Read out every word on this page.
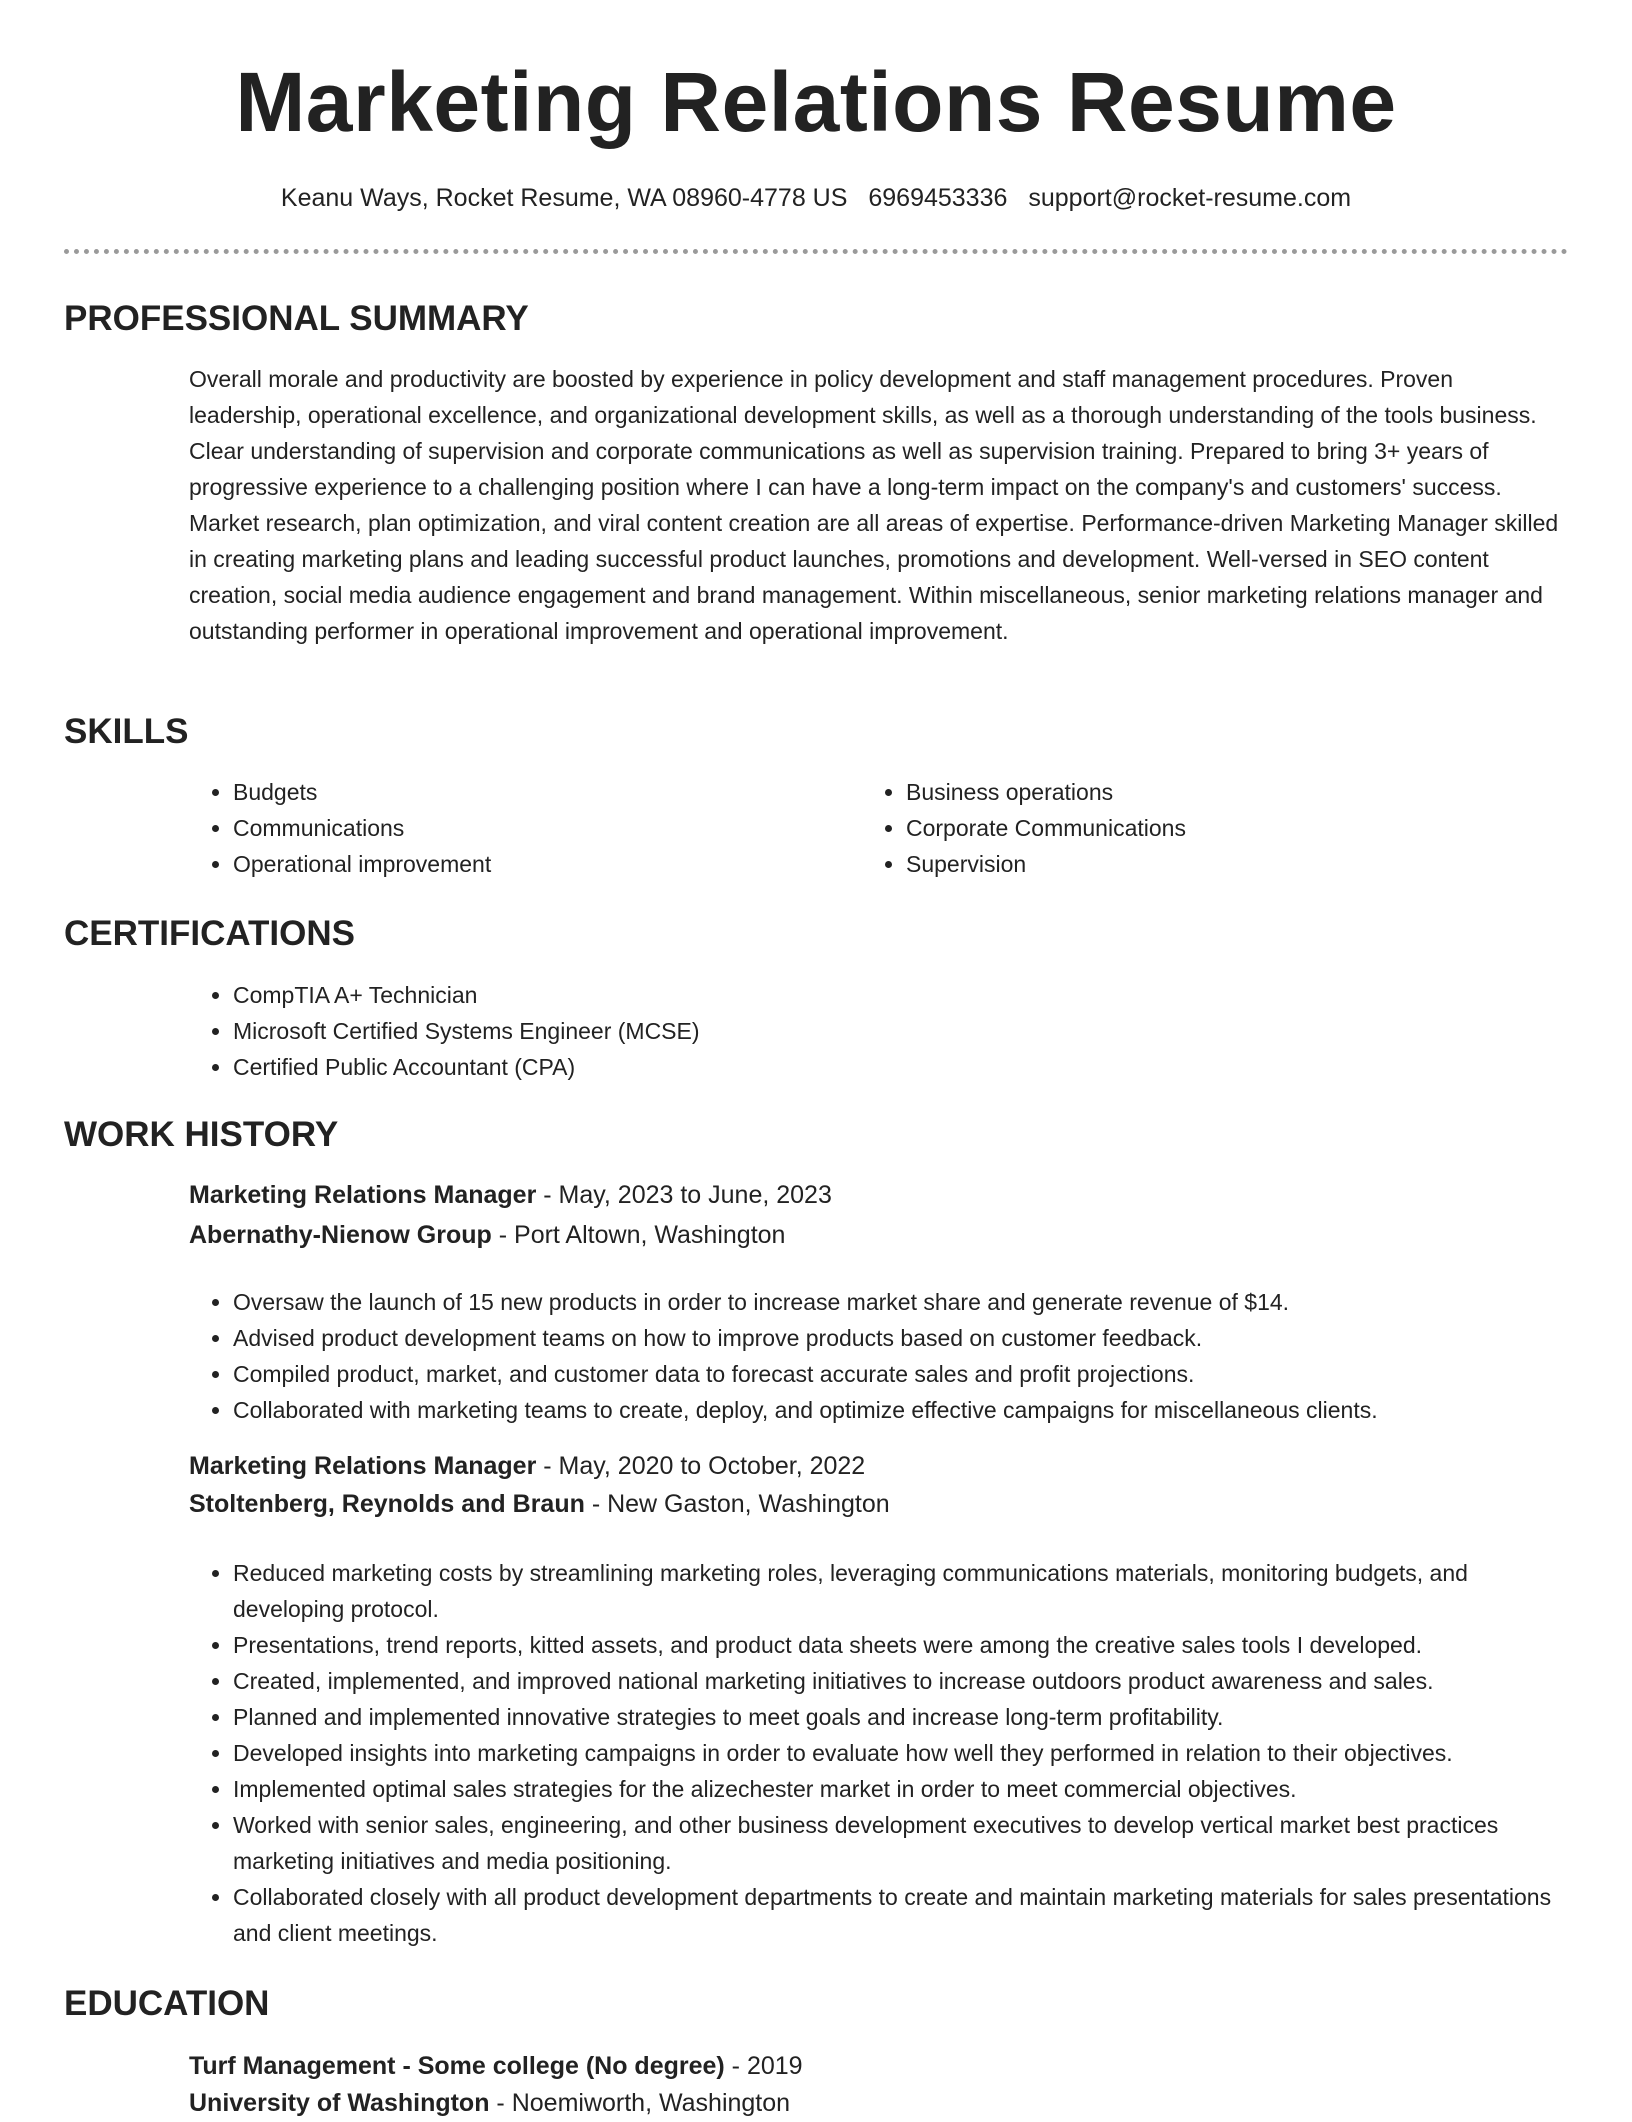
Marketing Relations Resume
Keanu Ways, Rocket Resume, WA 08960-4778 US 6969453336 support@rocket-resume.com
PROFESSIONAL SUMMARY
Overall morale and productivity are boosted by experience in policy development and staff management procedures. Proven leadership, operational excellence, and organizational development skills, as well as a thorough understanding of the tools business. Clear understanding of supervision and corporate communications as well as supervision training. Prepared to bring 3+ years of progressive experience to a challenging position where I can have a long-term impact on the company's and customers' success. Market research, plan optimization, and viral content creation are all areas of expertise. Performance-driven Marketing Manager skilled in creating marketing plans and leading successful product launches, promotions and development. Well-versed in SEO content creation, social media audience engagement and brand management. Within miscellaneous, senior marketing relations manager and outstanding performer in operational improvement and operational improvement.
SKILLS
• Budgets
• Communications
• Operational improvement
• Business operations
• Corporate Communications
• Supervision
CERTIFICATIONS
• CompTIA A+ Technician
• Microsoft Certified Systems Engineer (MCSE)
• Certified Public Accountant (CPA)
WORK HISTORY
Marketing Relations Manager - May, 2023 to June, 2023
Abernathy-Nienow Group - Port Altown, Washington
• Oversaw the launch of 15 new products in order to increase market share and generate revenue of $14.
• Advised product development teams on how to improve products based on customer feedback.
• Compiled product, market, and customer data to forecast accurate sales and profit projections.
• Collaborated with marketing teams to create, deploy, and optimize effective campaigns for miscellaneous clients.
Marketing Relations Manager - May, 2020 to October, 2022
Stoltenberg, Reynolds and Braun - New Gaston, Washington
• Reduced marketing costs by streamlining marketing roles, leveraging communications materials, monitoring budgets, and developing protocol.
• Presentations, trend reports, kitted assets, and product data sheets were among the creative sales tools I developed.
• Created, implemented, and improved national marketing initiatives to increase outdoors product awareness and sales.
• Planned and implemented innovative strategies to meet goals and increase long-term profitability.
• Developed insights into marketing campaigns in order to evaluate how well they performed in relation to their objectives.
• Implemented optimal sales strategies for the alizechester market in order to meet commercial objectives.
• Worked with senior sales, engineering, and other business development executives to develop vertical market best practices marketing initiatives and media positioning.
• Collaborated closely with all product development departments to create and maintain marketing materials for sales presentations and client meetings.
EDUCATION
Turf Management - Some college (No degree) - 2019
University of Washington - Noemiworth, Washington
